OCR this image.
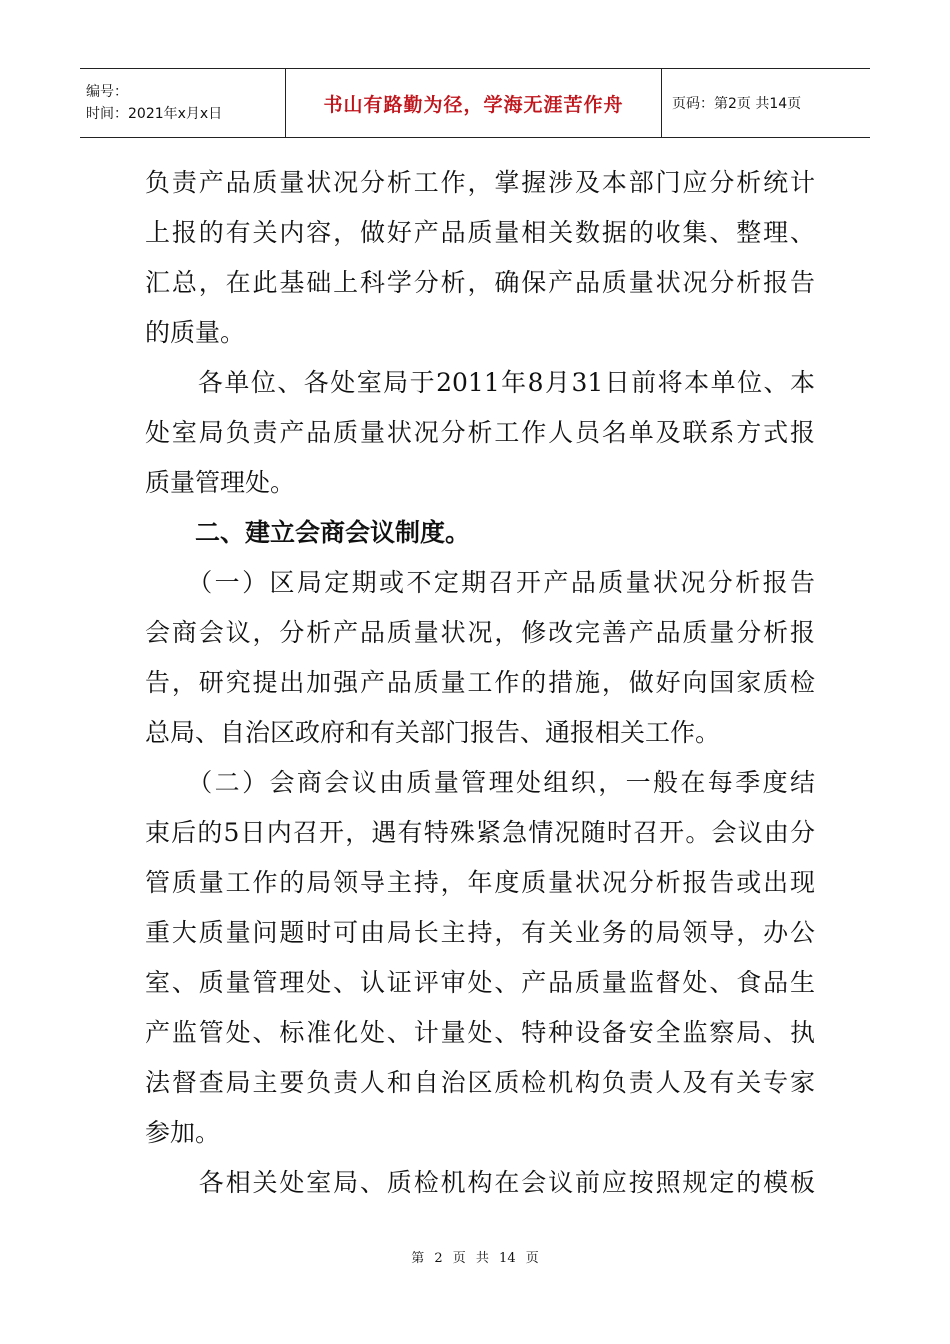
编号：
时间：2021年x月x日	书山有路勤为径，学海无涯苦作舟	页码：第2页 共14页
负责产品质量状况分析工作，掌握涉及本部门应分析统计
上报的有关内容，做好产品质量相关数据的收集、整理、
汇总，在此基础上科学分析，确保产品质量状况分析报告
的质量。
　　各单位、各处室局于2011年8月31日前将本单位、本
处室局负责产品质量状况分析工作人员名单及联系方式报
质量管理处。
　　二、建立会商会议制度。
　　（一）区局定期或不定期召开产品质量状况分析报告
会商会议，分析产品质量状况，修改完善产品质量分析报
告，研究提出加强产品质量工作的措施，做好向国家质检
总局、自治区政府和有关部门报告、通报相关工作。
　　（二）会商会议由质量管理处组织，一般在每季度结
束后的5日内召开，遇有特殊紧急情况随时召开。会议由分
管质量工作的局领导主持，年度质量状况分析报告或出现
重大质量问题时可由局长主持，有关业务的局领导，办公
室、质量管理处、认证评审处、产品质量监督处、食品生
产监管处、标准化处、计量处、特种设备安全监察局、执
法督查局主要负责人和自治区质检机构负责人及有关专家
参加。
　　各相关处室局、质检机构在会议前应按照规定的模板
第 2 页 共 14 页
